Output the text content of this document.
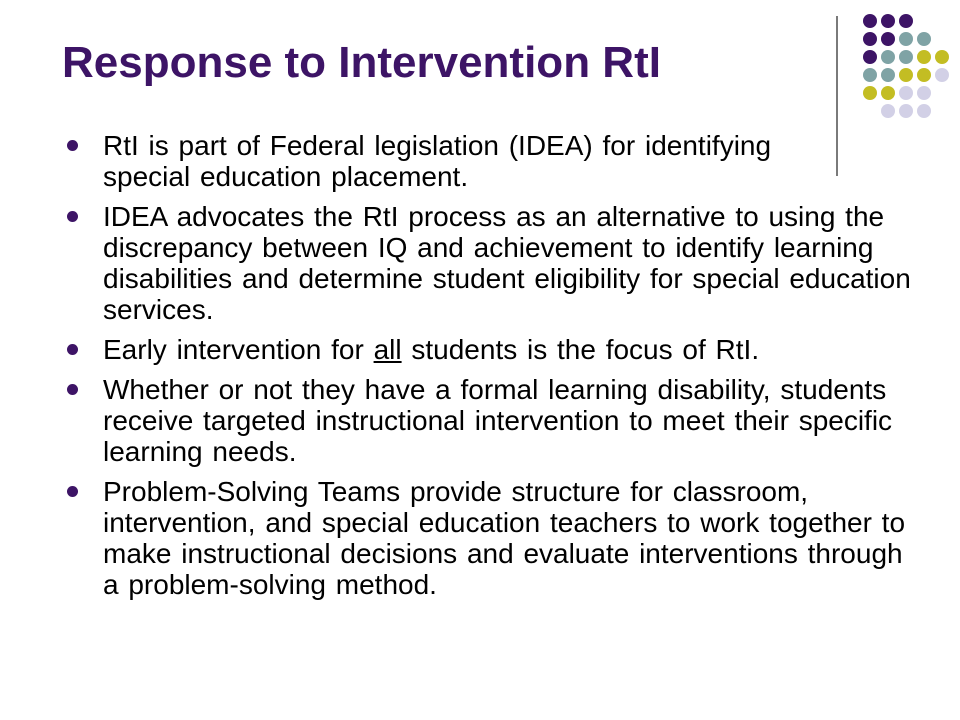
Response to Intervention RtI
RtI is part of Federal legislation (IDEA) for identifying special education placement.
IDEA advocates the RtI process as an alternative to using the discrepancy between IQ and achievement to identify learning disabilities and determine student eligibility for special education services.
Early intervention for all students is the focus of RtI.
Whether or not they have a formal learning disability, students receive targeted instructional intervention to meet their specific learning needs.
Problem-Solving Teams provide structure for classroom, intervention, and special education teachers to work together to make instructional decisions and evaluate interventions through a problem-solving method.
